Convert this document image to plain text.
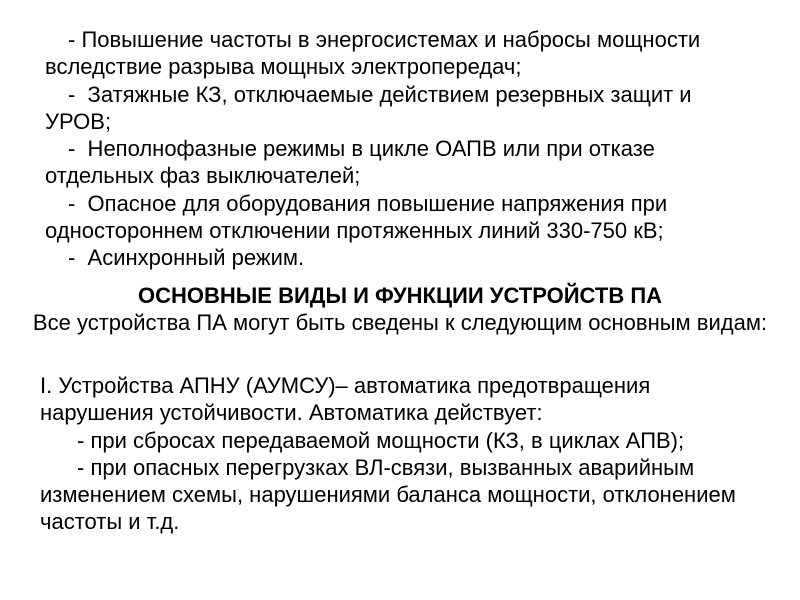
- Повышение частоты в энергосистемах и набросы мощности
вследствие разрыва мощных электропередач;
-  Затяжные КЗ, отключаемые действием резервных защит и
УРОВ;
-  Неполнофазные режимы в цикле ОАПВ или при отказе
отдельных фаз выключателей;
-  Опасное для оборудования повышение напряжения при
одностороннем отключении протяженных линий 330-750 кВ;
-  Асинхронный режим.
ОСНОВНЫЕ ВИДЫ И ФУНКЦИИ УСТРОЙСТВ ПА
Все устройства ПА могут быть сведены к следующим основным видам:
I. Устройства АПНУ (АУМСУ)– автоматика предотвращения
нарушения устойчивости. Автоматика действует:
- при сбросах передаваемой мощности (КЗ, в циклах АПВ);
- при опасных перегрузках ВЛ-связи, вызванных аварийным
изменением схемы, нарушениями баланса мощности, отклонением
частоты и т.д.
